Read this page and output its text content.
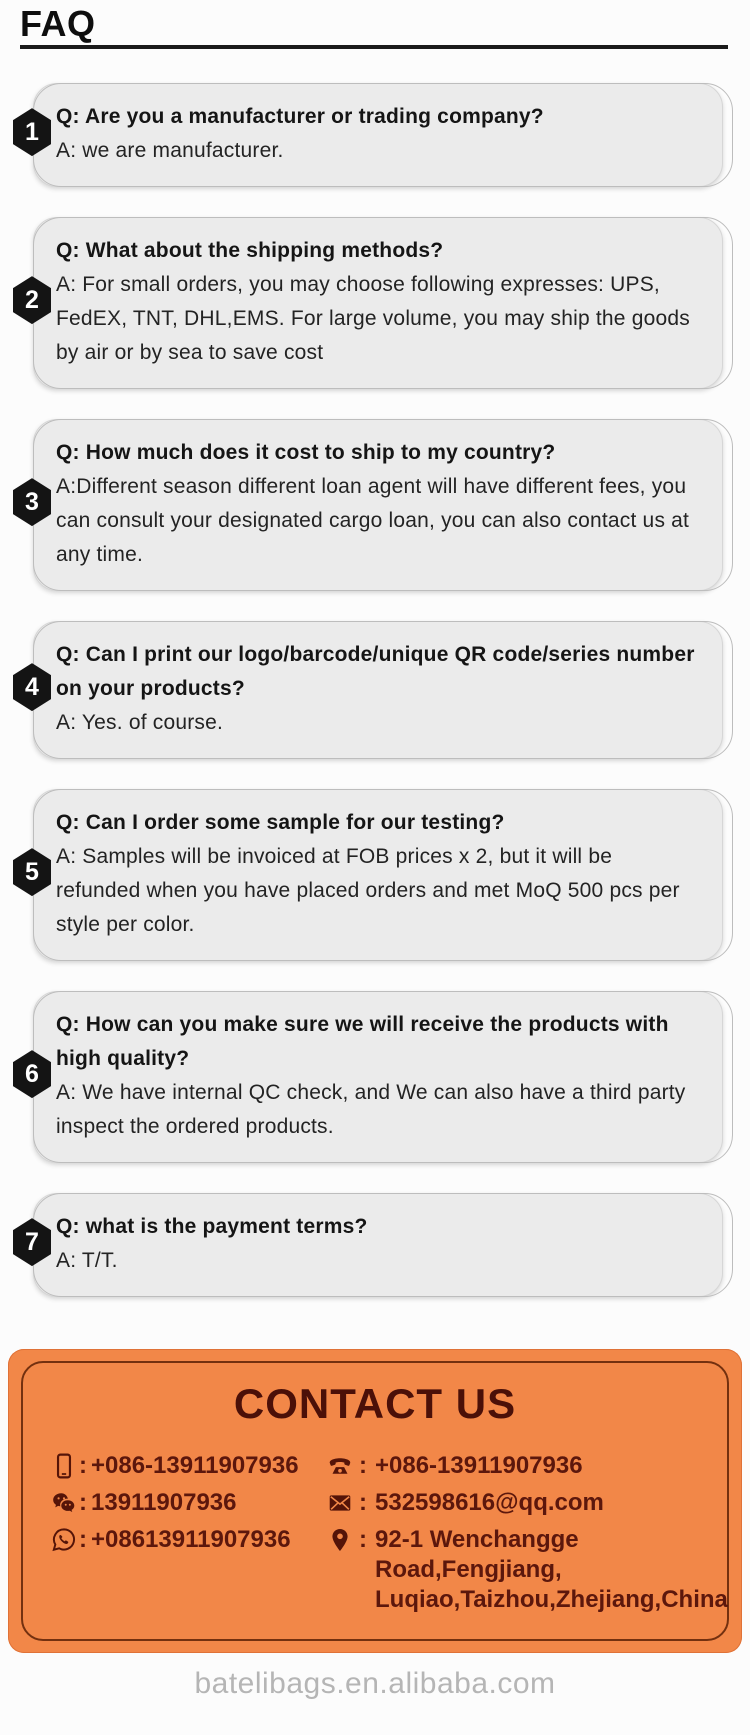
FAQ
1

Q: Are you a manufacturer or trading company?

A: we are manufacturer.

2

Q: What about the shipping methods?

A: For small orders, you may choose following expresses: UPS, FedEX, TNT, DHL,EMS. For large volume, you may ship the goods by air or by sea to save cost

3

Q: How much does it cost to ship to my country?

A:Different season different loan agent will have different fees, you can consult your designated cargo loan, you can also contact us at any time.

4

Q: Can I print our logo/barcode/unique QR code/series number on your products?

A: Yes. of course.

5

Q: Can I order some sample for our testing?

A: Samples will be invoiced at FOB prices x 2, but it will be refunded when you have placed orders and met MoQ 500 pcs per style per color.

6

Q: How can you make sure we will receive the products with high quality?

A: We have internal QC check, and We can also have a third party inspect the ordered products.

7

Q: what is the payment terms?

A: T/T.

CONTACT US
: +086-13911907936
: 13911907936
: +08613911907936
: +086-13911907936
: 532598616@qq.com
: 92-1 Wenchangge Road,Fengjiang, Luqiao,Taizhou,Zhejiang,China
batelibags.en.alibaba.com
